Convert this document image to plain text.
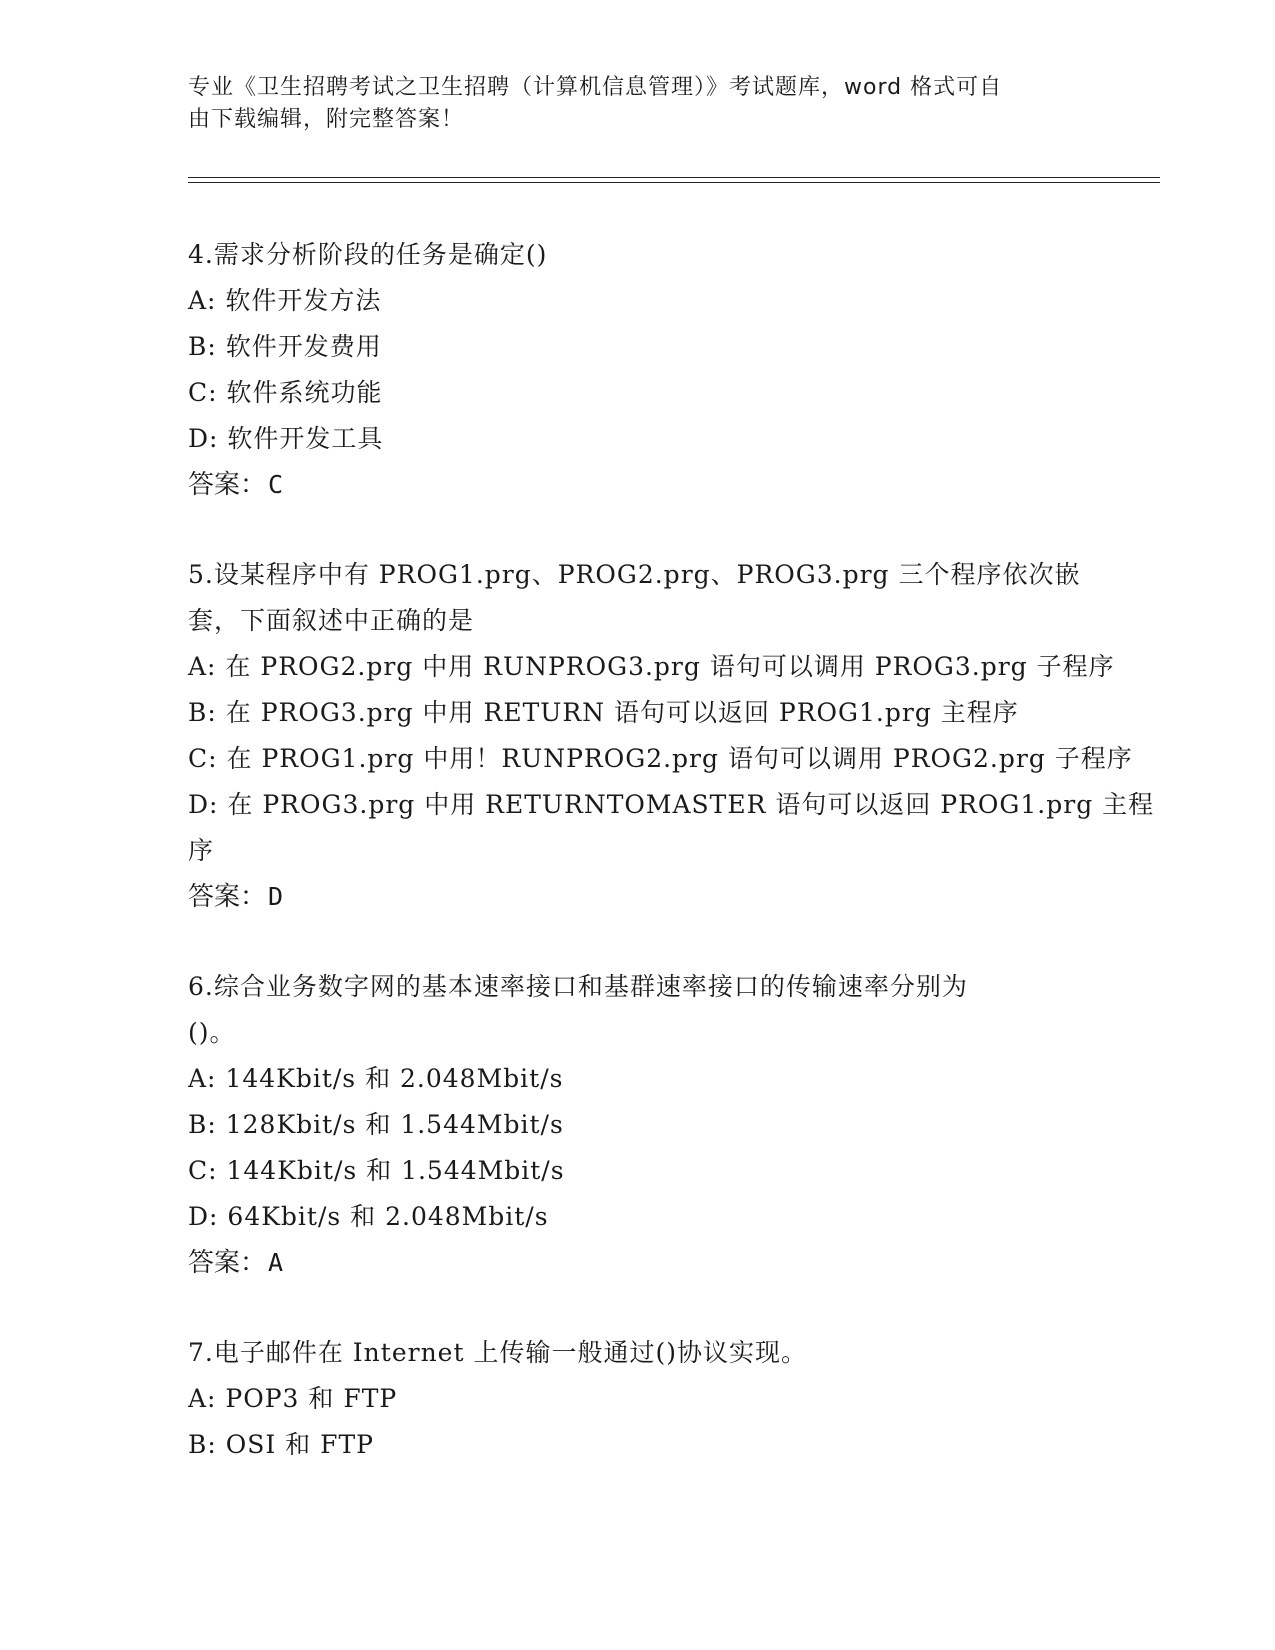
专业《卫生招聘考试之卫生招聘（计算机信息管理）》考试题库，word 格式可自
由下载编辑，附完整答案！
4.需求分析阶段的任务是确定()
A: 软件开发方法
B: 软件开发费用
C: 软件系统功能
D: 软件开发工具
答案：C
5.设某程序中有 PROG1.prg、PROG2.prg、PROG3.prg 三个程序依次嵌
套，下面叙述中正确的是
A: 在 PROG2.prg 中用 RUNPROG3.prg 语句可以调用 PROG3.prg 子程序
B: 在 PROG3.prg 中用 RETURN 语句可以返回 PROG1.prg 主程序
C: 在 PROG1.prg 中用！RUNPROG2.prg 语句可以调用 PROG2.prg 子程序
D: 在 PROG3.prg 中用 RETURNTOMASTER 语句可以返回 PROG1.prg 主程
序
答案：D
6.综合业务数字网的基本速率接口和基群速率接口的传输速率分别为
()。
A: 144Kbit/s 和 2.048Mbit/s
B: 128Kbit/s 和 1.544Mbit/s
C: 144Kbit/s 和 1.544Mbit/s
D: 64Kbit/s 和 2.048Mbit/s
答案：A
7.电子邮件在 Internet 上传输一般通过()协议实现。
A: POP3 和 FTP
B: OSI 和 FTP
